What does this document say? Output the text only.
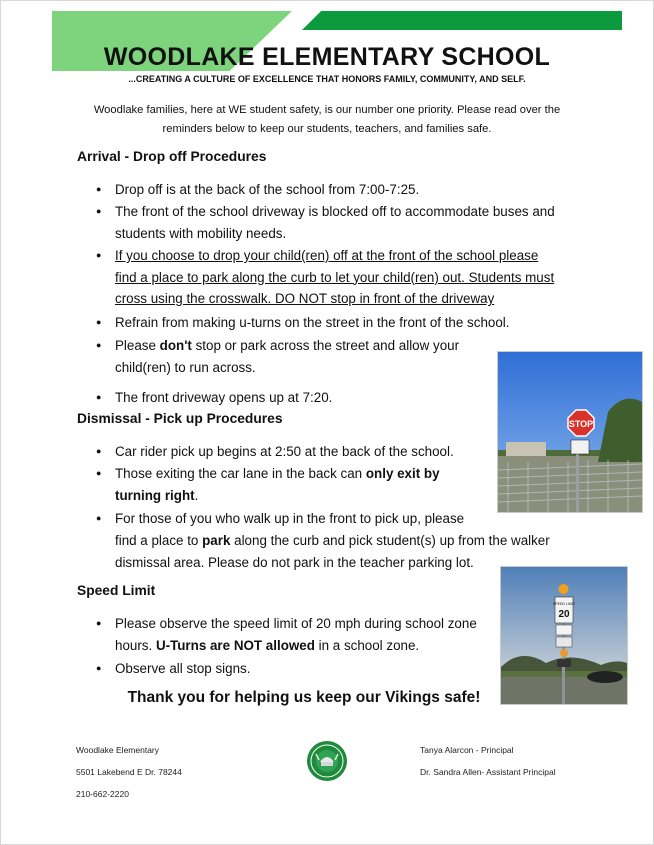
WOODLAKE ELEMENTARY SCHOOL

...CREATING A CULTURE OF EXCELLENCE THAT HONORS FAMILY, COMMUNITY, AND SELF.

Woodlake families, here at WE student safety, is our number one priority. Please read over the
reminders below to keep our students, teachers, and families safe.
Arrival - Drop off Procedures

● Drop off is at the back of the school from 7:00-7:25.

● The front of the school driveway is blocked off to accommodate buses and
students with mobility needs.

● If you choose to drop your child(ren) off at the front of the school please
find a place to park along the curb to let your child(ren) out. Students must
cross using the crosswalk. DO NOT stop in front of the driveway

● Refrain from making u-turns on the street in the front of the school.

● Please don't stop or park across the street and allow your
child(ren) to run across.

● The front driveway opens up at 7:20.

Dismissal - Pick up Procedures

● Car rider pick up begins at 2:50 at the back of the school.

● Those exiting the car lane in the back can only exit by
turning right.

● For those of you who walk up in the front to pick up, please

find a place to park along the curb and pick student(s) up from the walker
dismissal area. Please do not park in the teacher parking lot.

Speed Limit

● Please observe the speed limit of 20 mph during school zone
hours. U-Turns are NOT allowed in a school zone.

● Observe all stop signs.

Thank you for helping us keep our Vikings safe!

STOP
SPEED LIMIT
20

Woodlake Elementary

5501 Lakebend E Dr. 78244

210-662-2220

Tanya Alarcon - Principal

Dr. Sandra Allen- Assistant Principal
